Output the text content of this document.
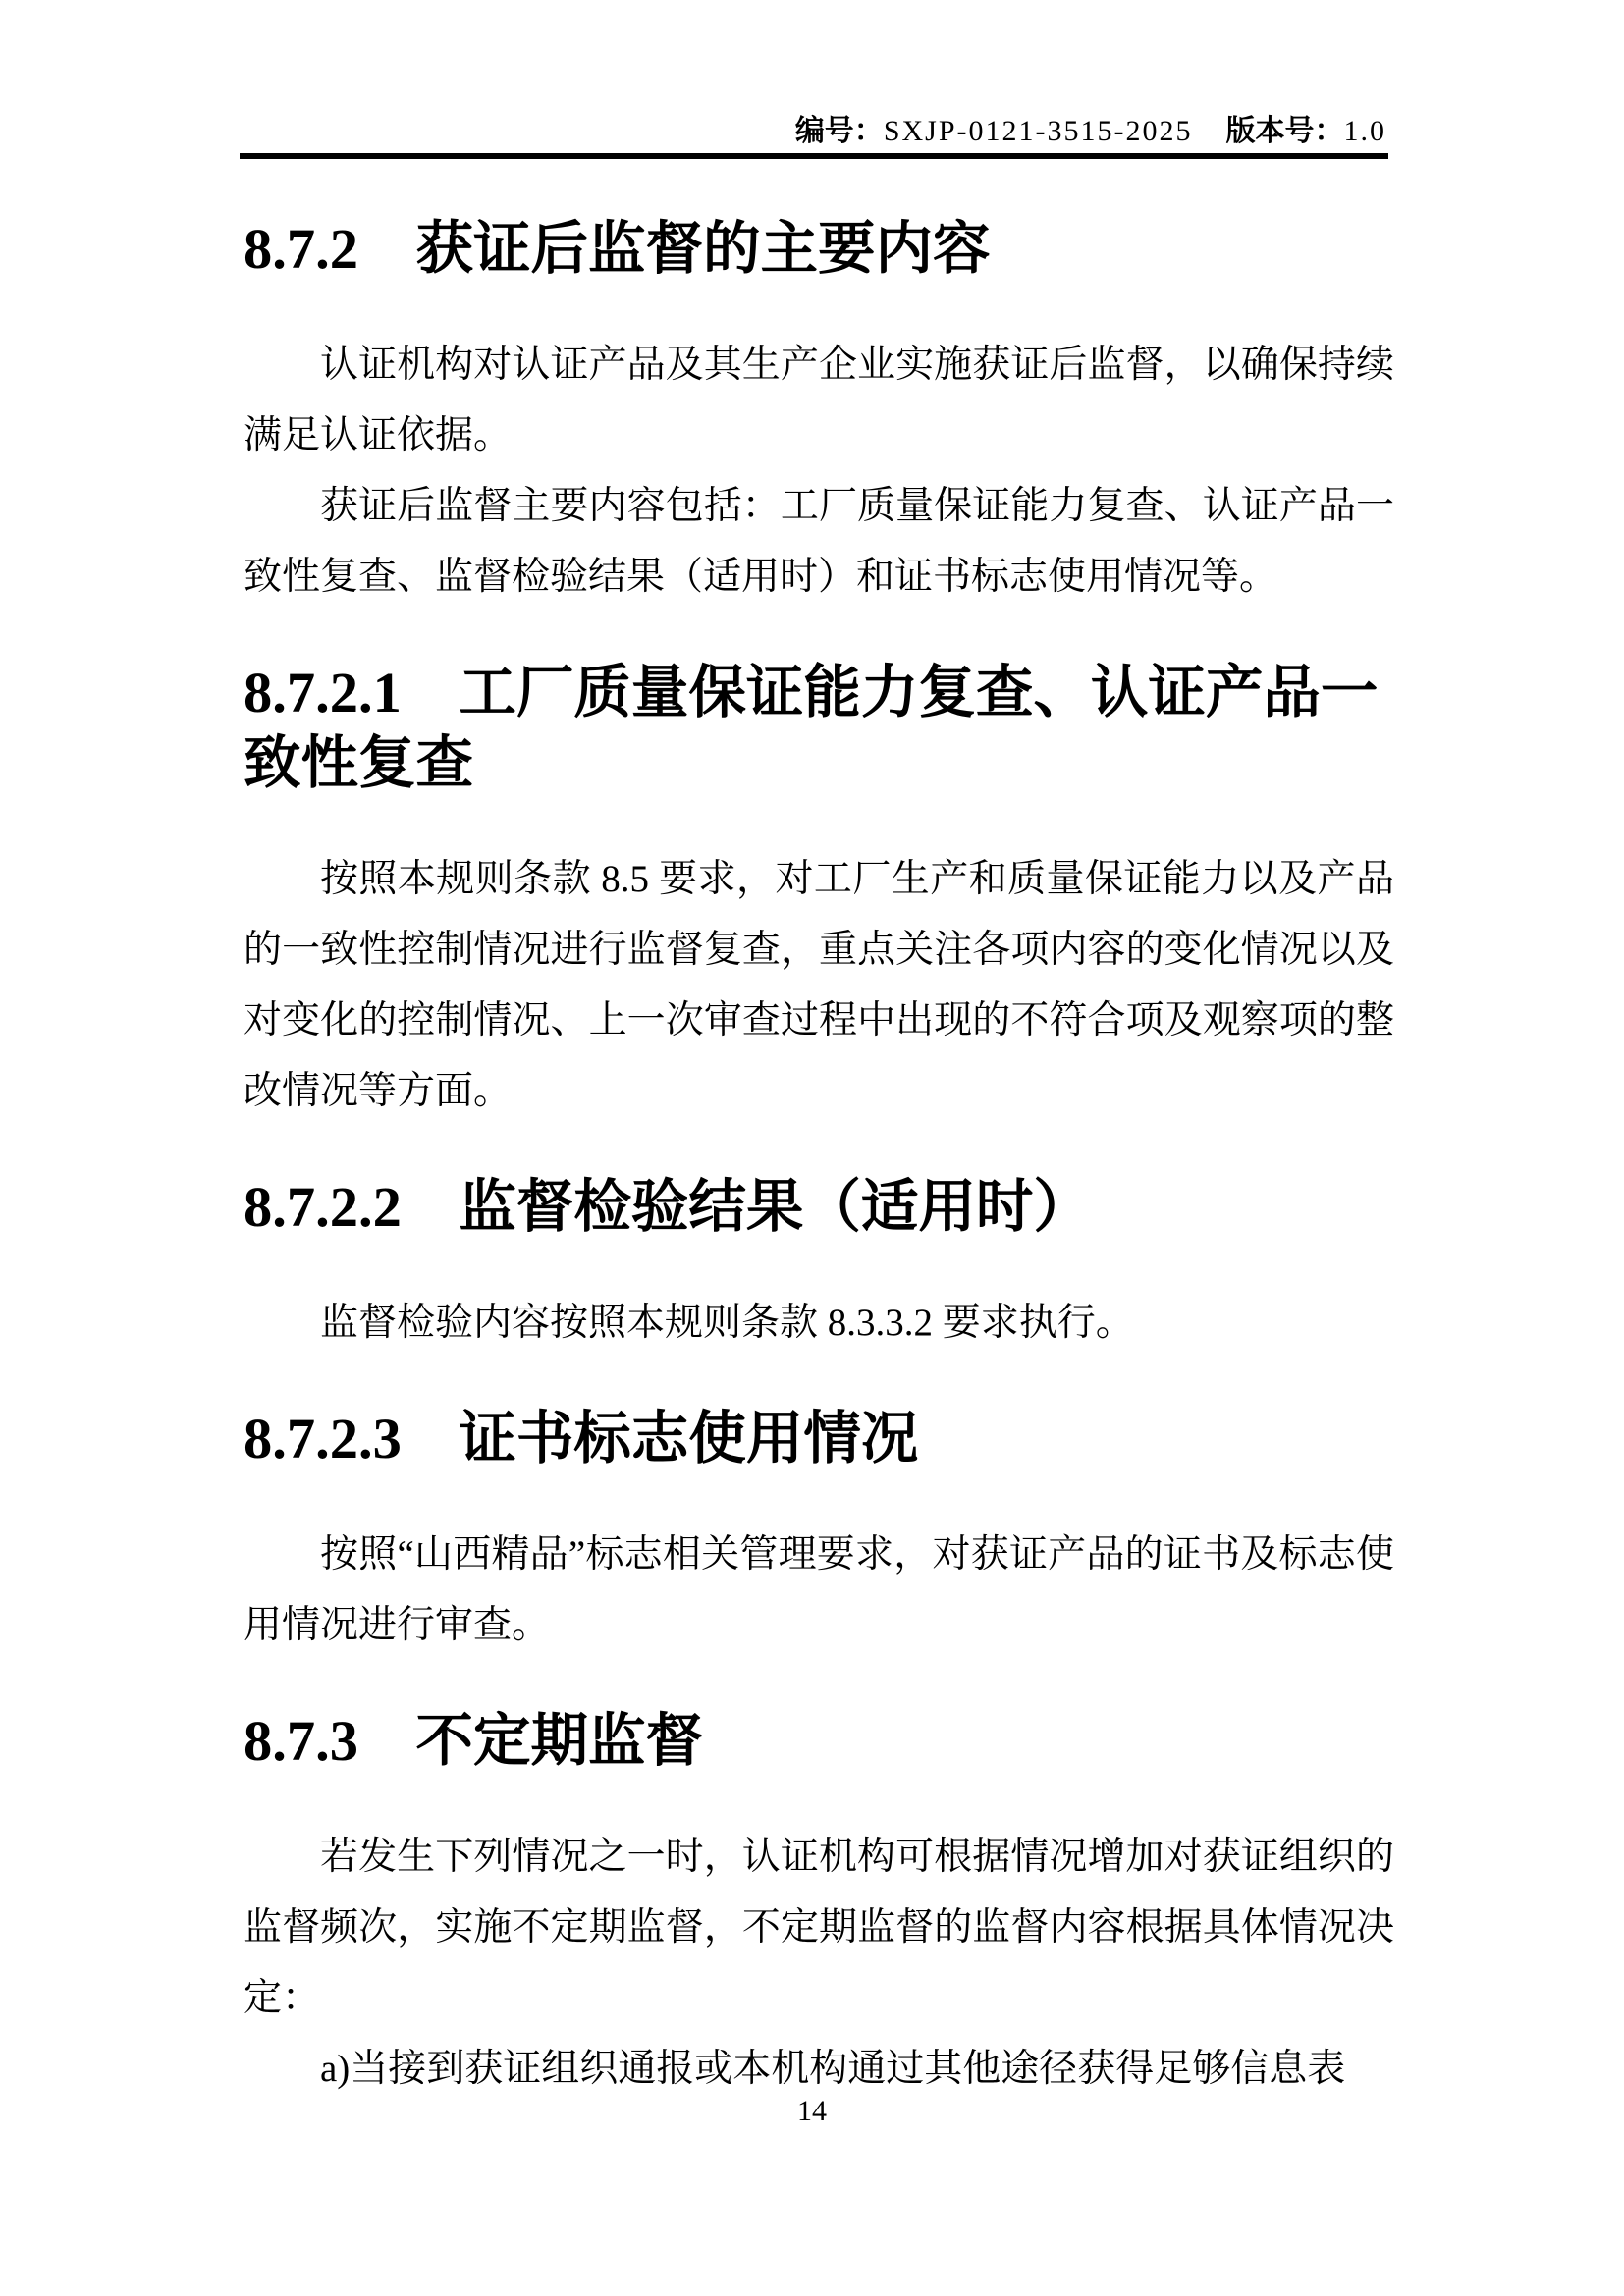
编号：SXJP-0121-3515-2025 版本号：1.0
8.7.2　获证后监督的主要内容

认证机构对认证产品及其生产企业实施获证后监督，以确保持续满足认证依据。

获证后监督主要内容包括：工厂质量保证能力复查、认证产品一致性复查、监督检验结果（适用时）和证书标志使用情况等。

8.7.2.1　工厂质量保证能力复查、认证产品一致性复查

按照本规则条款 8.5 要求，对工厂生产和质量保证能力以及产品的一致性控制情况进行监督复查，重点关注各项内容的变化情况以及对变化的控制情况、上一次审查过程中出现的不符合项及观察项的整改情况等方面。

8.7.2.2　监督检验结果（适用时）

监督检验内容按照本规则条款 8.3.3.2 要求执行。

8.7.2.3　证书标志使用情况

按照“山西精品”标志相关管理要求，对获证产品的证书及标志使用情况进行审查。

8.7.3　不定期监督

若发生下列情况之一时，认证机构可根据情况增加对获证组织的监督频次，实施不定期监督，不定期监督的监督内容根据具体情况决定：

a)当接到获证组织通报或本机构通过其他途径获得足够信息表

14
